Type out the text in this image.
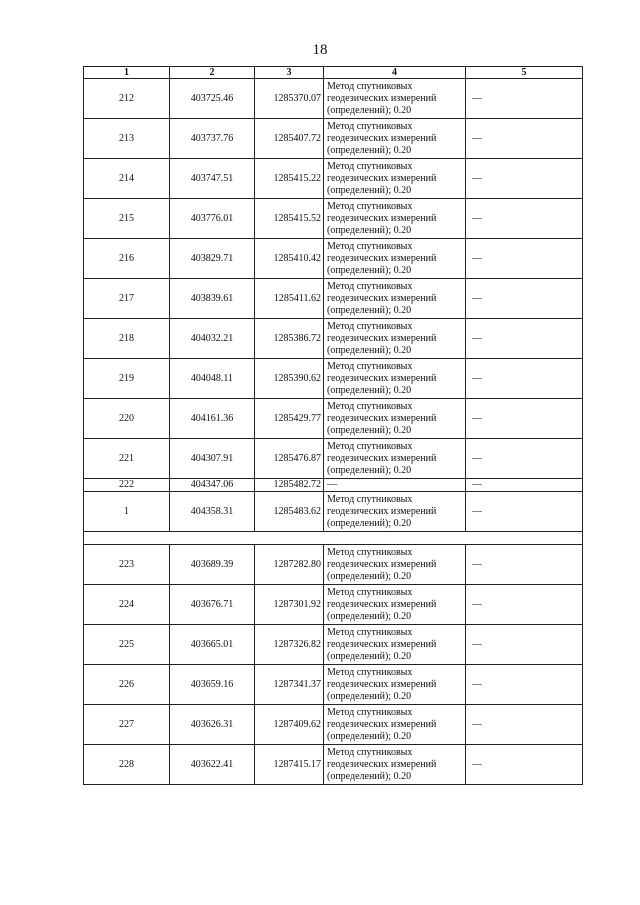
18
1	2	3	4	5
212	403725.46	1285370.07	Метод спутниковых геодезических измерений (определений); 0.20	—
213	403737.76	1285407.72	Метод спутниковых геодезических измерений (определений); 0.20	—
214	403747.51	1285415.22	Метод спутниковых геодезических измерений (определений); 0.20	—
215	403776.01	1285415.52	Метод спутниковых геодезических измерений (определений); 0.20	—
216	403829.71	1285410.42	Метод спутниковых геодезических измерений (определений); 0.20	—
217	403839.61	1285411.62	Метод спутниковых геодезических измерений (определений); 0.20	—
218	404032.21	1285386.72	Метод спутниковых геодезических измерений (определений); 0.20	—
219	404048.11	1285390.62	Метод спутниковых геодезических измерений (определений); 0.20	—
220	404161.36	1285429.77	Метод спутниковых геодезических измерений (определений); 0.20	—
221	404307.91	1285476.87	Метод спутниковых геодезических измерений (определений); 0.20	—
222	404347.06	1285482.72	—	—
1	404358.31	1285483.62	Метод спутниковых геодезических измерений (определений); 0.20	—

223	403689.39	1287282.80	Метод спутниковых геодезических измерений (определений); 0.20	—
224	403676.71	1287301.92	Метод спутниковых геодезических измерений (определений); 0.20	—
225	403665.01	1287326.82	Метод спутниковых геодезических измерений (определений); 0.20	—
226	403659.16	1287341.37	Метод спутниковых геодезических измерений (определений); 0.20	—
227	403626.31	1287409.62	Метод спутниковых геодезических измерений (определений); 0.20	—
228	403622.41	1287415.17	Метод спутниковых геодезических измерений (определений); 0.20	—
